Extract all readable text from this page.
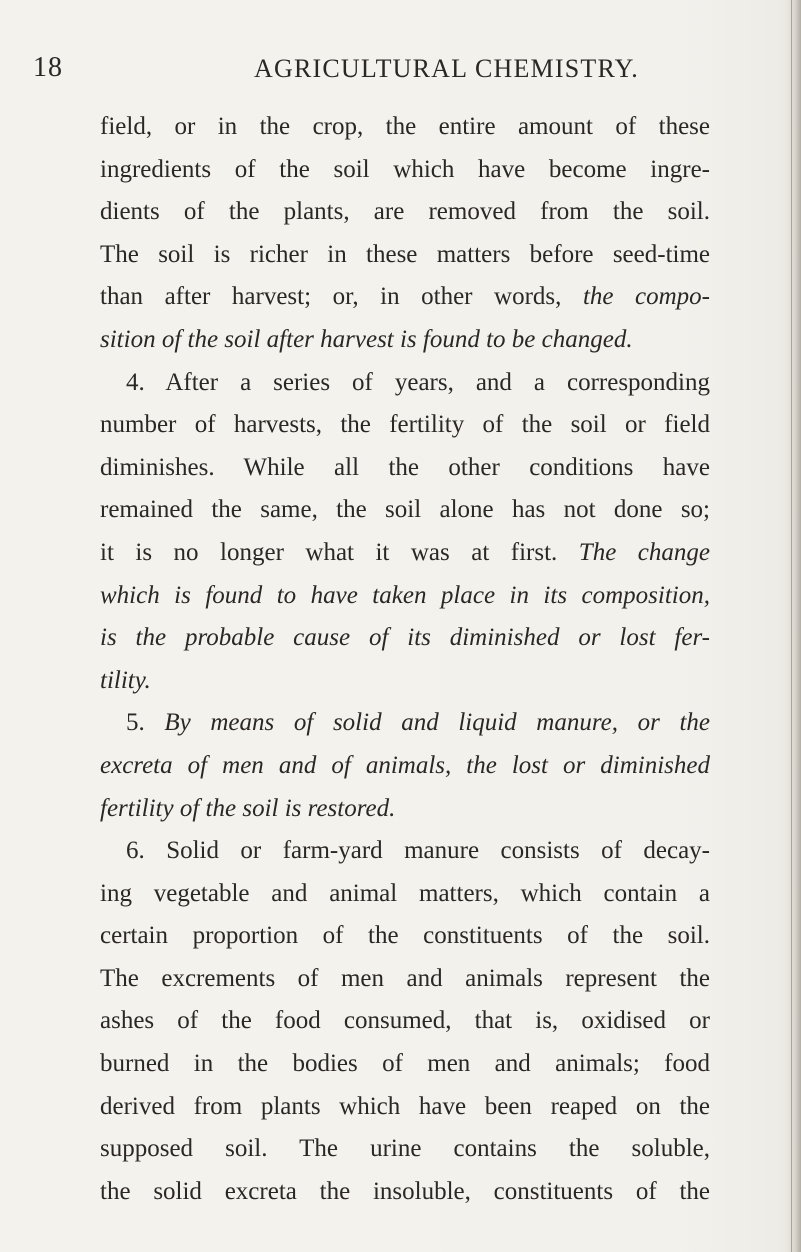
18	AGRICULTURAL CHEMISTRY.
field, or in the crop, the entire amount of these
ingredients of the soil which have become ingre-
dients of the plants, are removed from the soil.
The soil is richer in these matters before seed-time
than after harvest; or, in other words, the compo-
sition of the soil after harvest is found to be changed.
4. After a series of years, and a corresponding
number of harvests, the fertility of the soil or field
diminishes. While all the other conditions have
remained the same, the soil alone has not done so;
it is no longer what it was at first. The change
which is found to have taken place in its composition,
is the probable cause of its diminished or lost fer-
tility.
5. By means of solid and liquid manure, or the
excreta of men and of animals, the lost or diminished
fertility of the soil is restored.
6. Solid or farm-yard manure consists of decay-
ing vegetable and animal matters, which contain a
certain proportion of the constituents of the soil.
The excrements of men and animals represent the
ashes of the food consumed, that is, oxidised or
burned in the bodies of men and animals; food
derived from plants which have been reaped on the
supposed soil. The urine contains the soluble,
the solid excreta the insoluble, constituents of the
